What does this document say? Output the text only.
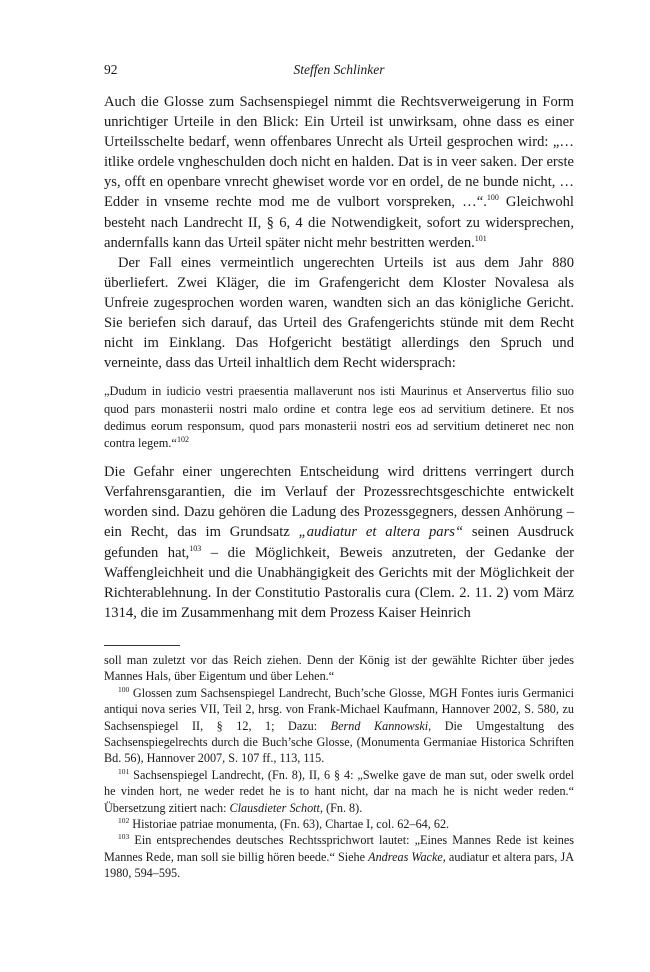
92	Steffen Schlinker

Auch die Glosse zum Sachsenspiegel nimmt die Rechtsverweigerung in Form unrichtiger Urteile in den Blick: Ein Urteil ist unwirksam, ohne dass es einer Urteilsschelte bedarf, wenn offenbares Unrecht als Urteil gesprochen wird: „… itlike ordele vngheschulden doch nicht en halden. Dat is in veer saken. Der erste ys, offt en openbare vnrecht ghewiset worde vor en ordel, de ne bunde nicht, … Edder in vnseme rechte mod me de vulbort vorspreken, …“.$^{100}$ Gleichwohl besteht nach Landrecht II, § 6, 4 die Notwendigkeit, sofort zu widersprechen, andernfalls kann das Urteil später nicht mehr bestritten werden.$^{101}$

Der Fall eines vermeintlich ungerechten Urteils ist aus dem Jahr 880 überliefert. Zwei Kläger, die im Grafengericht dem Kloster Novalesa als Unfreie zugesprochen worden waren, wandten sich an das königliche Gericht. Sie beriefen sich darauf, das Urteil des Grafengerichts stünde mit dem Recht nicht im Einklang. Das Hofgericht bestätigt allerdings den Spruch und verneinte, dass das Urteil inhaltlich dem Recht widersprach:

„Dudum in iudicio vestri praesentia mallaverunt nos isti Maurinus et Anservertus filio suo quod pars monasterii nostri malo ordine et contra lege eos ad servitium detinere. Et nos dedimus eorum responsum, quod pars monasterii nostri eos ad servitium detineret nec non contra legem.“$^{102}$

Die Gefahr einer ungerechten Entscheidung wird drittens verringert durch Verfahrensgarantien, die im Verlauf der Prozessrechtsgeschichte entwickelt worden sind. Dazu gehören die Ladung des Prozessgegners, dessen Anhörung – ein Recht, das im Grundsatz „audiatur et altera pars“ seinen Ausdruck gefunden hat,$^{103}$ – die Möglichkeit, Beweis anzutreten, der Gedanke der Waffengleichheit und die Unabhängigkeit des Gerichts mit der Möglichkeit der Richterablehnung. In der Constitutio Pastoralis cura (Clem. 2. 11. 2) vom März 1314, die im Zusammenhang mit dem Prozess Kaiser Heinrich

soll man zuletzt vor das Reich ziehen. Denn der König ist der gewählte Richter über jedes Mannes Hals, über Eigentum und über Lehen.“

$^{100}$ Glossen zum Sachsenspiegel Landrecht, Buch’sche Glosse, MGH Fontes iuris Germanici antiqui nova series VII, Teil 2, hrsg. von Frank-Michael Kaufmann, Hannover 2002, S. 580, zu Sachsenspiegel II, § 12, 1; Dazu: Bernd Kannowski, Die Umgestaltung des Sachsenspiegelrechts durch die Buch’sche Glosse, (Monumenta Germaniae Historica Schriften Bd. 56), Hannover 2007, S. 107 ff., 113, 115.

$^{101}$ Sachsenspiegel Landrecht, (Fn. 8), II, 6 § 4: „Swelke gave de man sut, oder swelk ordel he vinden hort, ne weder redet he is to hant nicht, dar na mach he is nicht weder reden.“ Übersetzung zitiert nach: Clausdieter Schott, (Fn. 8).

$^{102}$ Historiae patriae monumenta, (Fn. 63), Chartae I, col. 62–64, 62.

$^{103}$ Ein entsprechendes deutsches Rechtssprichwort lautet: „Eines Mannes Rede ist keines Mannes Rede, man soll sie billig hören beede.“ Siehe Andreas Wacke, audiatur et altera pars, JA 1980, 594–595.
